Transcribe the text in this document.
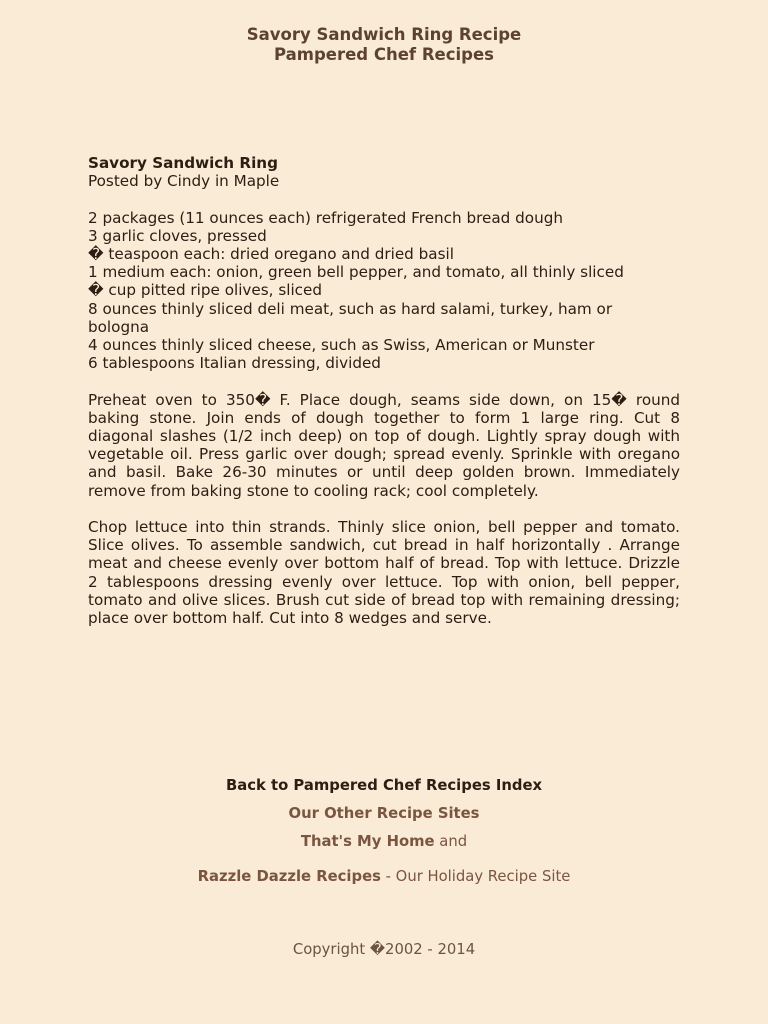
Savory Sandwich Ring Recipe
Pampered Chef Recipes
Savory Sandwich Ring
Posted by Cindy in Maple
2 packages (11 ounces each) refrigerated French bread dough
3 garlic cloves, pressed
� teaspoon each: dried oregano and dried basil
1 medium each: onion, green bell pepper, and tomato, all thinly sliced
� cup pitted ripe olives, sliced
8 ounces thinly sliced deli meat, such as hard salami, turkey, ham or
bologna
4 ounces thinly sliced cheese, such as Swiss, American or Munster
6 tablespoons Italian dressing, divided
Preheat oven to 350� F. Place dough, seams side down, on 15� round baking stone. Join ends of dough together to form 1 large ring. Cut 8 diagonal slashes (1/2 inch deep) on top of dough. Lightly spray dough with vegetable oil. Press garlic over dough; spread evenly. Sprinkle with oregano and basil. Bake 26-30 minutes or until deep golden brown. Immediately remove from baking stone to cooling rack; cool completely.
Chop lettuce into thin strands. Thinly slice onion, bell pepper and tomato. Slice olives. To assemble sandwich, cut bread in half horizontally . Arrange meat and cheese evenly over bottom half of bread. Top with lettuce. Drizzle 2 tablespoons dressing evenly over lettuce. Top with onion, bell pepper, tomato and olive slices. Brush cut side of bread top with remaining dressing; place over bottom half. Cut into 8 wedges and serve.
Back to Pampered Chef Recipes Index
Our Other Recipe Sites
That's My Home and
Razzle Dazzle Recipes - Our Holiday Recipe Site
Copyright �2002 - 2014
